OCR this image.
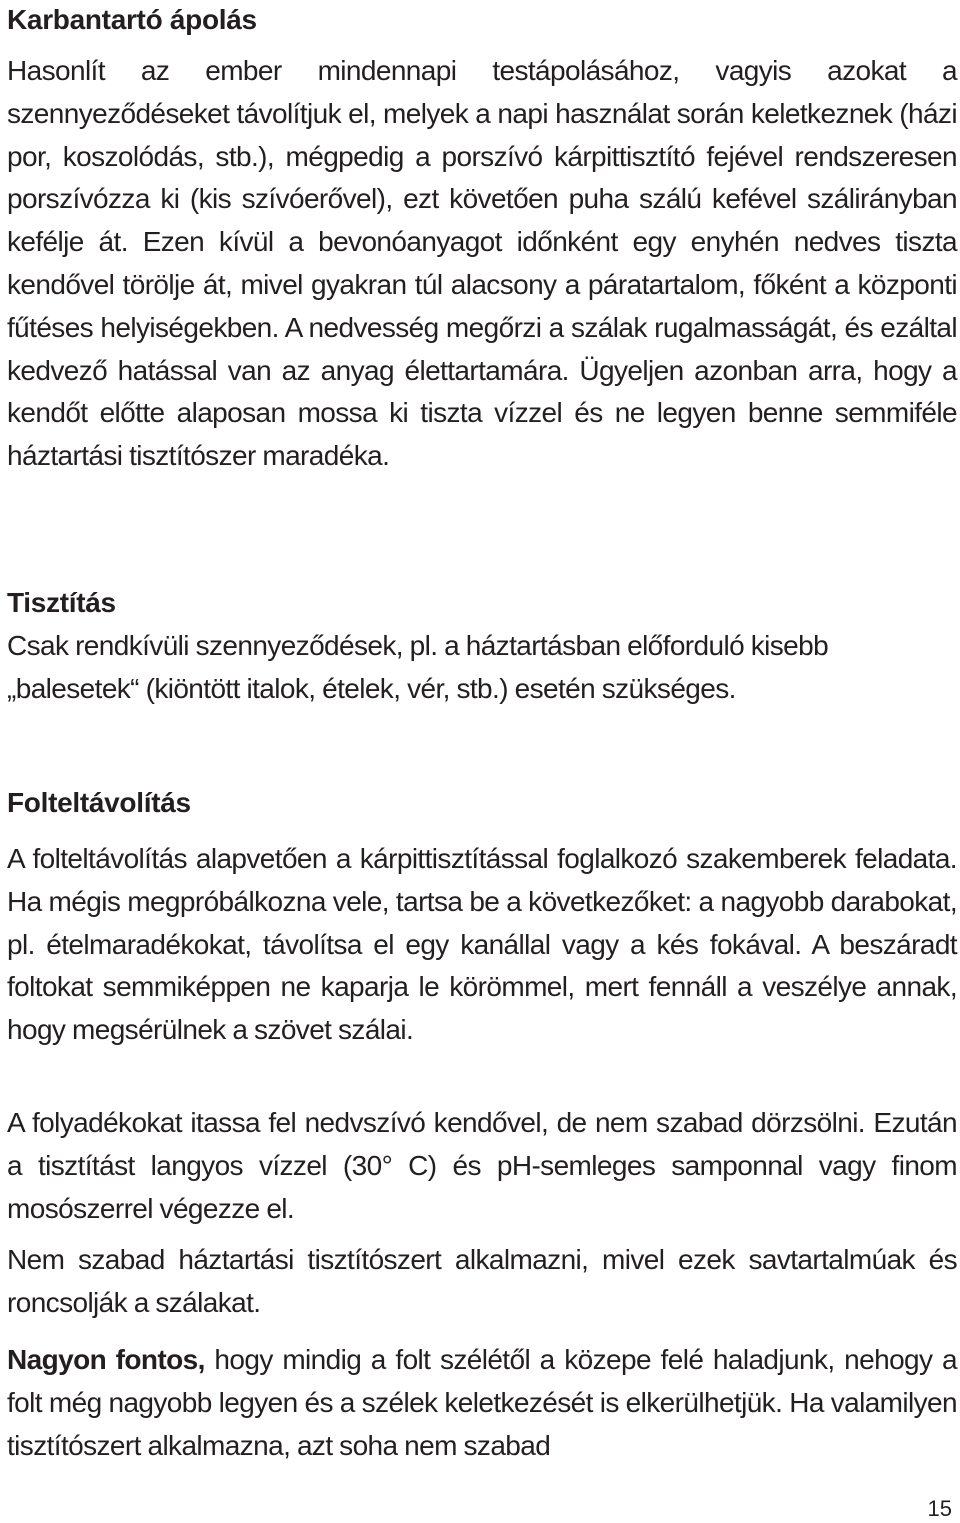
Karbantartó ápolás

Hasonlít az ember mindennapi testápolásához, vagyis azokat a szennyeződéseket távolítjuk el, melyek a napi használat során keletkeznek (házi por, koszolódás, stb.), mégpedig a porszívó kárpittisztító fejével rendszeresen porszívózza ki (kis szívóerővel), ezt követően puha szálú kefével szálirányban kefélje át. Ezen kívül a bevonóanyagot időnként egy enyhén nedves tiszta kendővel törölje át, mivel gyakran túl alacsony a páratartalom, főként a központi fűtéses helyiségekben. A nedvesség megőrzi a szálak rugalmasságát, és ezáltal kedvező hatással van az anyag élettartamára. Ügyeljen azonban arra, hogy a kendőt előtte alaposan mossa ki tiszta vízzel és ne legyen benne semmiféle háztartási tisztítószer maradéka.

Tisztítás

Csak rendkívüli szennyeződések, pl. a háztartásban előforduló kisebb „balesetek“ (kiöntött italok, ételek, vér, stb.) esetén szükséges.

Folteltávolítás

A folteltávolítás alapvetően a kárpittisztítással foglalkozó szakemberek feladata. Ha mégis megpróbálkozna vele, tartsa be a következőket: a nagyobb darabokat, pl. ételmaradékokat, távolítsa el egy kanállal vagy a kés fokával. A beszáradt foltokat semmiképpen ne kaparja le körömmel, mert fennáll a veszélye annak, hogy megsérülnek a szövet szálai.

A folyadékokat itassa fel nedvszívó kendővel, de nem szabad dörzsölni. Ezután a tisztítást langyos vízzel (30° C) és pH-semleges samponnal vagy finom mosószerrel végezze el.

Nem szabad háztartási tisztítószert alkalmazni, mivel ezek savtartalmúak és roncsolják a szálakat.

Nagyon fontos, hogy mindig a folt szélétől a közepe felé haladjunk, nehogy a folt még nagyobb legyen és a szélek keletkezését is elkerülhetjük. Ha valamilyen tisztítószert alkalmazna, azt soha nem szabad

15
